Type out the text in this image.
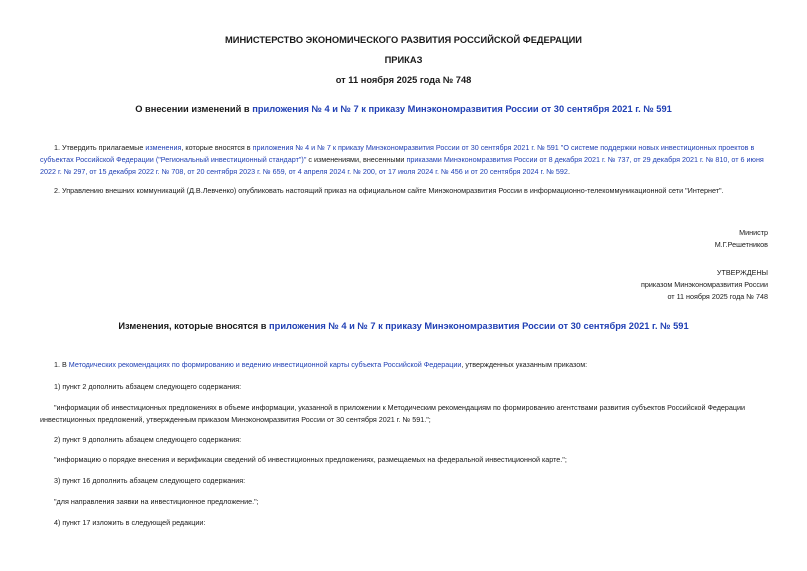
МИНИСТЕРСТВО ЭКОНОМИЧЕСКОГО РАЗВИТИЯ РОССИЙСКОЙ ФЕДЕРАЦИИ
ПРИКАЗ
от 11 ноября 2025 года № 748
О внесении изменений в приложения № 4 и № 7 к приказу Минэкономразвития России от 30 сентября 2021 г. № 591
1. Утвердить прилагаемые изменения, которые вносятся в приложения № 4 и № 7 к приказу Минэкономразвития России от 30 сентября 2021 г. № 591 "О системе поддержки новых инвестиционных проектов в
субъектах Российской Федерации ("Региональный инвестиционный стандарт")" с изменениями, внесенными приказами Минэкономразвития России от 8 декабря 2021 г. № 737, от 29 декабря 2021 г. № 810, от 6 июня
2022 г. № 297, от 15 декабря 2022 г. № 708, от 20 сентября 2023 г. № 659, от 4 апреля 2024 г. № 200, от 17 июля 2024 г. № 456 и от 20 сентября 2024 г. № 592.
2. Управлению внешних коммуникаций (Д.В.Левченко) опубликовать настоящий приказ на официальном сайте Минэкономразвития России в информационно-телекоммуникационной сети "Интернет".
Министр
М.Г.Решетников
УТВЕРЖДЕНЫ
приказом Минэкономразвития России
от 11 ноября 2025 года № 748
Изменения, которые вносятся в приложения № 4 и № 7 к приказу Минэкономразвития России от 30 сентября 2021 г. № 591
1. В Методических рекомендациях по формированию и ведению инвестиционной карты субъекта Российской Федерации, утвержденных указанным приказом:
1) пункт 2 дополнить абзацем следующего содержания:
"информации об инвестиционных предложениях в объеме информации, указанной в приложении к Методическим рекомендациям по формированию агентствами развития субъектов Российской Федерации
инвестиционных предложений, утвержденным приказом Минэкономразвития России от 30 сентября 2021 г. № 591.";
2) пункт 9 дополнить абзацем следующего содержания:
"информацию о порядке внесения и верификации сведений об инвестиционных предложениях, размещаемых на федеральной инвестиционной карте.";
3) пункт 16 дополнить абзацем следующего содержания:
"для направления заявки на инвестиционное предложение.";
4) пункт 17 изложить в следующей редакции:
